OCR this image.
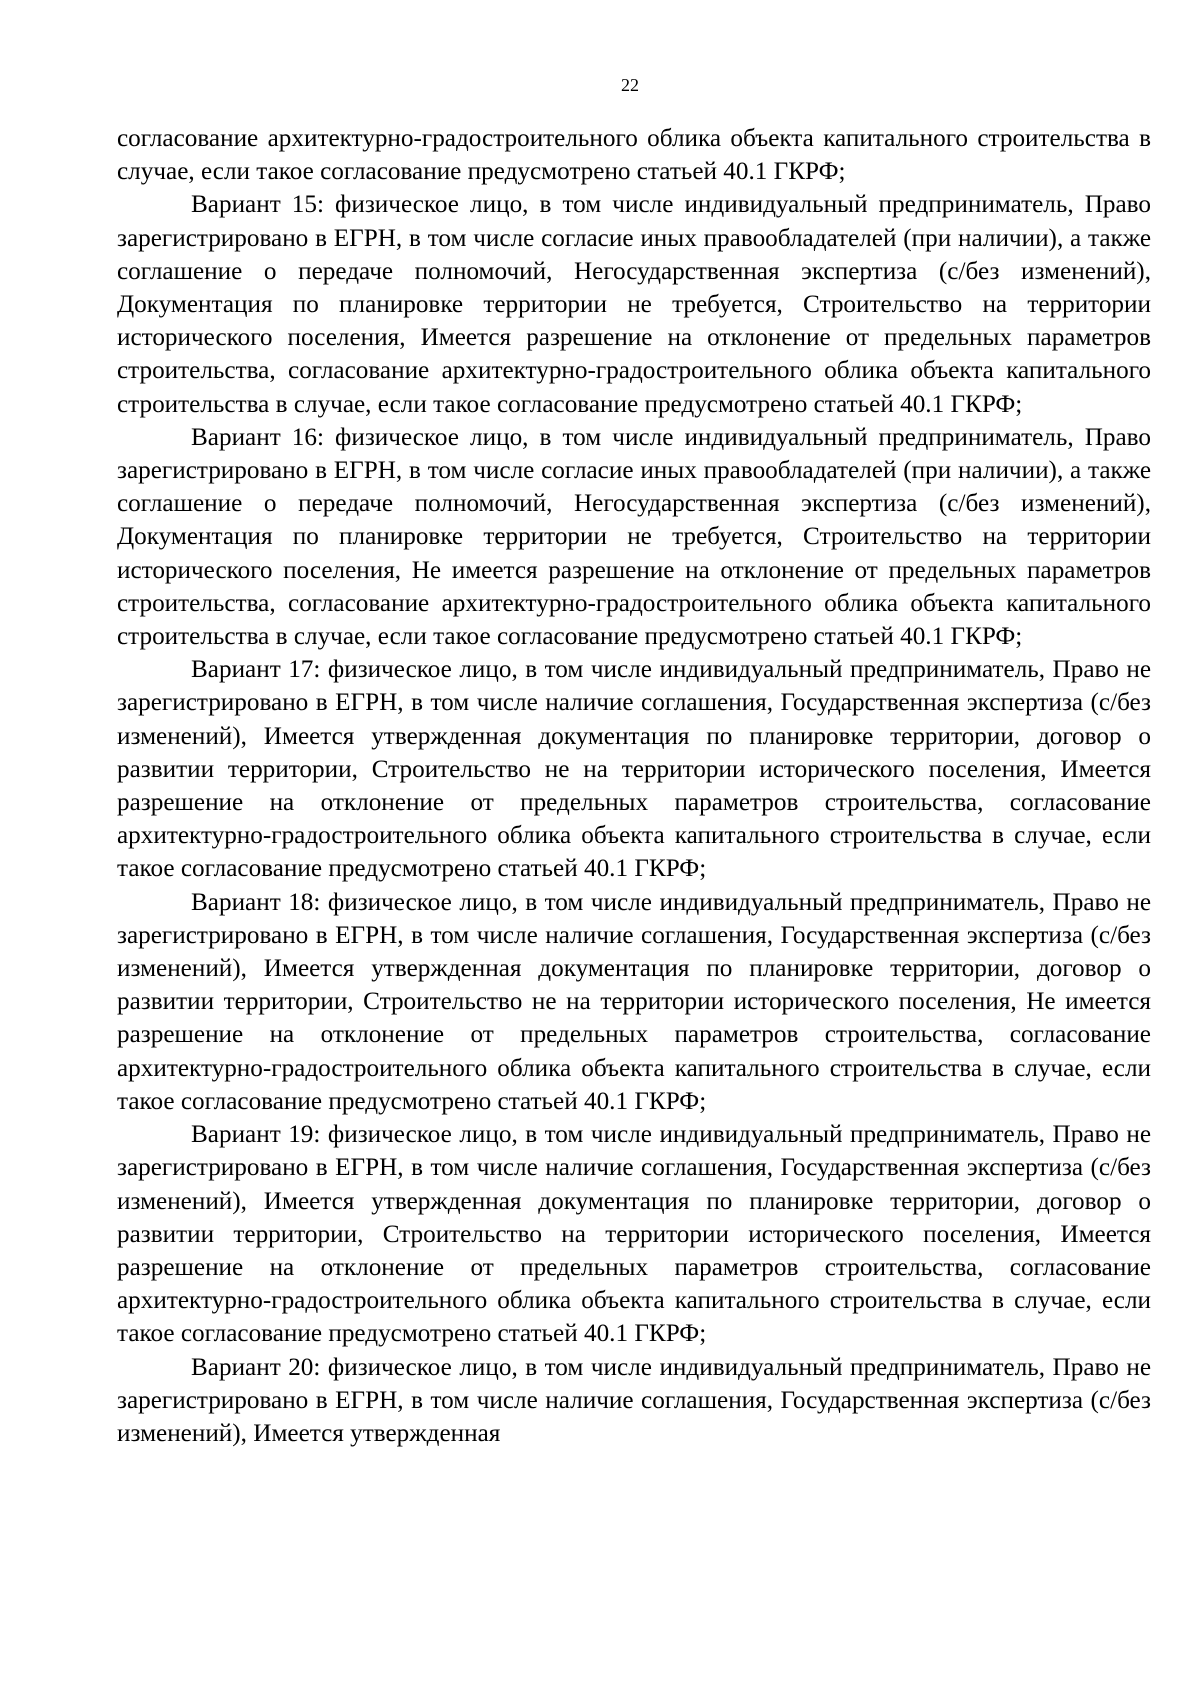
22

согласование архитектурно-градостроительного облика объекта капитального строительства в случае, если такое согласование предусмотрено статьей 40.1 ГКРФ;

Вариант 15: физическое лицо, в том числе индивидуальный предприниматель, Право зарегистрировано в ЕГРН, в том числе согласие иных правообладателей (при наличии), а также соглашение о передаче полномочий, Негосударственная экспертиза (с/без изменений), Документация по планировке территории не требуется, Строительство на территории исторического поселения, Имеется разрешение на отклонение от предельных параметров строительства, согласование архитектурно-градостроительного облика объекта капитального строительства в случае, если такое согласование предусмотрено статьей 40.1 ГКРФ;

Вариант 16: физическое лицо, в том числе индивидуальный предприниматель, Право зарегистрировано в ЕГРН, в том числе согласие иных правообладателей (при наличии), а также соглашение о передаче полномочий, Негосударственная экспертиза (с/без изменений), Документация по планировке территории не требуется, Строительство на территории исторического поселения, Не имеется разрешение на отклонение от предельных параметров строительства, согласование архитектурно-градостроительного облика объекта капитального строительства в случае, если такое согласование предусмотрено статьей 40.1 ГКРФ;

Вариант 17: физическое лицо, в том числе индивидуальный предприниматель, Право не зарегистрировано в ЕГРН, в том числе наличие соглашения, Государственная экспертиза (с/без изменений), Имеется утвержденная документация по планировке территории, договор о развитии территории, Строительство не на территории исторического поселения, Имеется разрешение на отклонение от предельных параметров строительства, согласование архитектурно-градостроительного облика объекта капитального строительства в случае, если такое согласование предусмотрено статьей 40.1 ГКРФ;

Вариант 18: физическое лицо, в том числе индивидуальный предприниматель, Право не зарегистрировано в ЕГРН, в том числе наличие соглашения, Государственная экспертиза (с/без изменений), Имеется утвержденная документация по планировке территории, договор о развитии территории, Строительство не на территории исторического поселения, Не имеется разрешение на отклонение от предельных параметров строительства, согласование архитектурно-градостроительного облика объекта капитального строительства в случае, если такое согласование предусмотрено статьей 40.1 ГКРФ;

Вариант 19: физическое лицо, в том числе индивидуальный предприниматель, Право не зарегистрировано в ЕГРН, в том числе наличие соглашения, Государственная экспертиза (с/без изменений), Имеется утвержденная документация по планировке территории, договор о развитии территории, Строительство на территории исторического поселения, Имеется разрешение на отклонение от предельных параметров строительства, согласование архитектурно-градостроительного облика объекта капитального строительства в случае, если такое согласование предусмотрено статьей 40.1 ГКРФ;

Вариант 20: физическое лицо, в том числе индивидуальный предприниматель, Право не зарегистрировано в ЕГРН, в том числе наличие соглашения, Государственная экспертиза (с/без изменений), Имеется утвержденная
